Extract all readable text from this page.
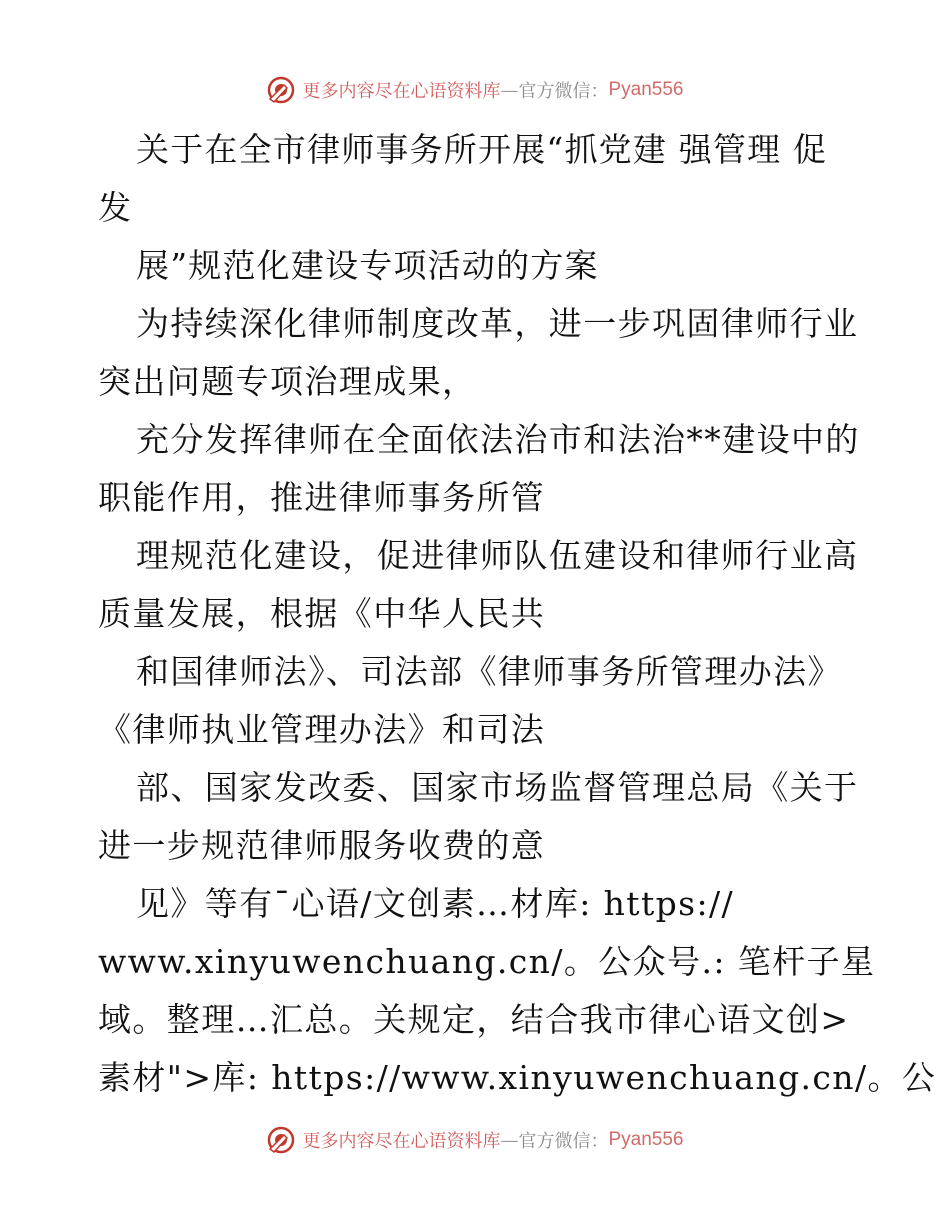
更多内容尽在心语资料库 — 官方微信： Pyan556
关于在全市律师事务所开展“抓党建 强管理 促
发
展”规范化建设专项活动的方案
为持续深化律师制度改革，进一步巩固律师行业
突出问题专项治理成果，
充分发挥律师在全面依法治市和法治**建设中的
职能作用，推进律师事务所管
理规范化建设，促进律师队伍建设和律师行业高
质量发展，根据《中华人民共
和国律师法》、司法部《律师事务所管理办法》
《律师执业管理办法》和司法
部、国家发改委、国家市场监督管理总局《关于
进一步规范律师服务收费的意
见》等有¯心语/文创素…材库: https://
www.xinyuwenchuang.cn/。公众号.: 笔杆子星
域。整理…汇总。关规定，结合我市律心语文创>
素材">库: https://www.xinyuwenchuang.cn/。公
更多内容尽在心语资料库 — 官方微信： Pyan556
